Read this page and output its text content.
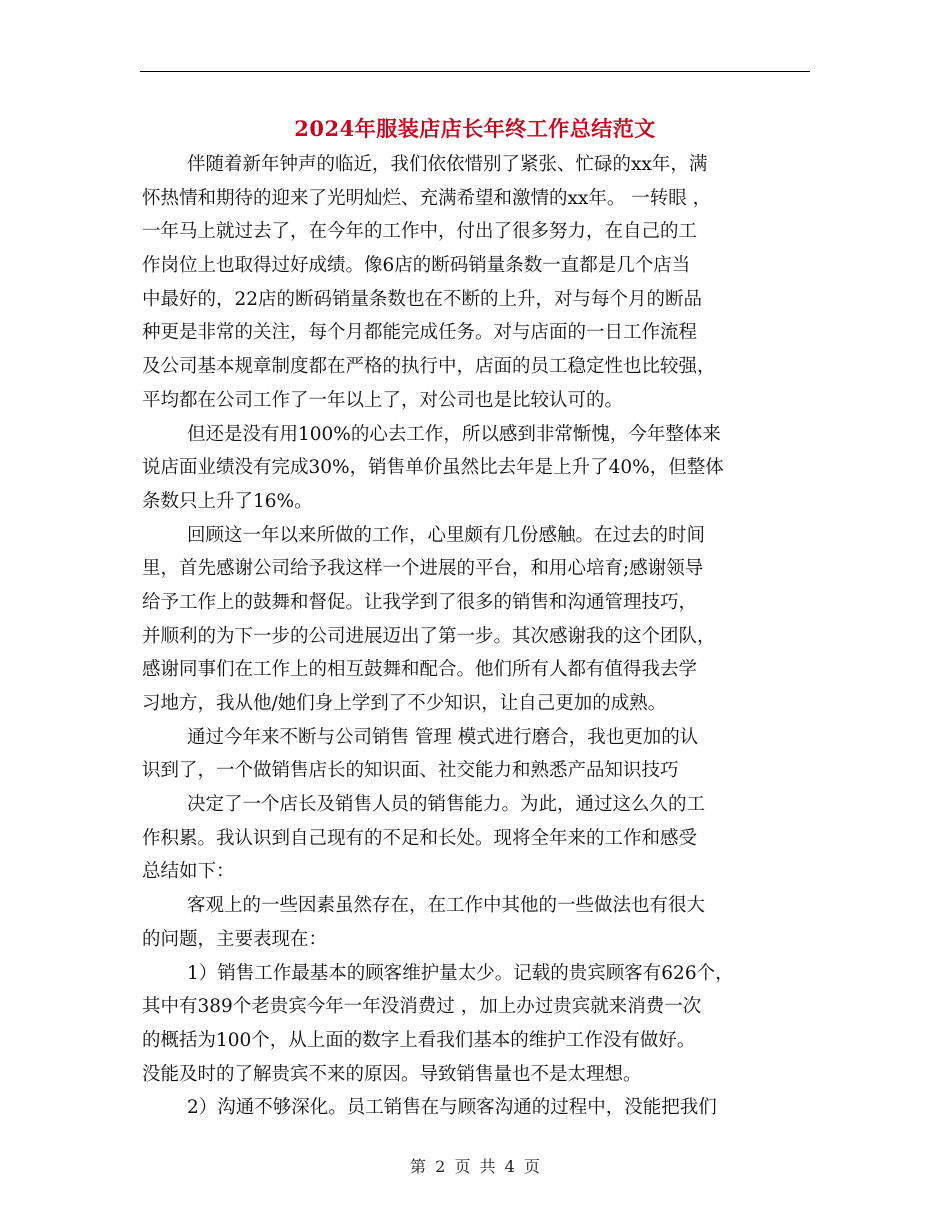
2024年服装店店长年终工作总结范文
伴随着新年钟声的临近，我们依依惜别了紧张、忙碌的xx年，满
怀热情和期待的迎来了光明灿烂、充满希望和激情的xx年。 一转眼 ，
一年马上就过去了，在今年的工作中，付出了很多努力，在自己的工
作岗位上也取得过好成绩。像6店的断码销量条数一直都是几个店当
中最好的，22店的断码销量条数也在不断的上升，对与每个月的断品
种更是非常的关注，每个月都能完成任务。对与店面的一日工作流程
及公司基本规章制度都在严格的执行中，店面的员工稳定性也比较强，
平均都在公司工作了一年以上了，对公司也是比较认可的。
但还是没有用100%的心去工作，所以感到非常惭愧，今年整体来
说店面业绩没有完成30%，销售单价虽然比去年是上升了40%，但整体
条数只上升了16%。
回顾这一年以来所做的工作，心里颇有几份感触。在过去的时间
里，首先感谢公司给予我这样一个进展的平台，和用心培育;感谢领导
给予工作上的鼓舞和督促。让我学到了很多的销售和沟通管理技巧，
并顺利的为下一步的公司进展迈出了第一步。其次感谢我的这个团队，
感谢同事们在工作上的相互鼓舞和配合。他们所有人都有值得我去学
习地方，我从他/她们身上学到了不少知识，让自己更加的成熟。
通过今年来不断与公司销售 管理 模式进行磨合，我也更加的认
识到了，一个做销售店长的知识面、社交能力和熟悉产品知识技巧
决定了一个店长及销售人员的销售能力。为此，通过这么久的工
作积累。我认识到自己现有的不足和长处。现将全年来的工作和感受
总结如下：
客观上的一些因素虽然存在，在工作中其他的一些做法也有很大
的问题，主要表现在：
1）销售工作最基本的顾客维护量太少。记载的贵宾顾客有626个，
其中有389个老贵宾今年一年没消费过 ，加上办过贵宾就来消费一次
的概括为100个，从上面的数字上看我们基本的维护工作没有做好。
没能及时的了解贵宾不来的原因。导致销售量也不是太理想。
2）沟通不够深化。员工销售在与顾客沟通的过程中，没能把我们
第 2 页 共 4 页
